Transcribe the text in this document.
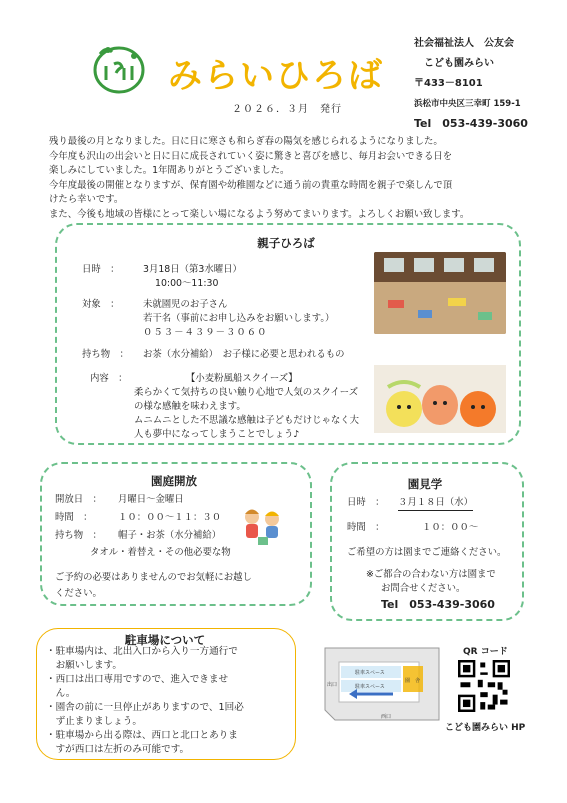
みらいひろば
２０２６．３月　発行
社会福祉法人　公友会
　こども園みらい
〒433－8101
浜松市中央区三幸町 159-1
Tel　053-439-3060

残り最後の月となりました。日に日に寒さも和らぎ春の陽気を感じられるようになりました。

今年度も沢山の出会いと日に日に成長されていく姿に驚きと喜びを感じ、毎月お会いできる日を

楽しみにしていました。1年間ありがとうございました。

今年度最後の開催となりますが、保育園や幼稚園などに通う前の貴重な時間を親子で楽しんで頂

けたら幸いです。

また、今後も地域の皆様にとって楽しい場になるよう努めてまいります。よろしくお願い致します。

親子ひろば
日時　： 3月18日（第3水曜日）
10:00～11:30
対象　： 未就園児のお子さん
若干名（事前にお申し込みをお願いします。）
０５３－４３９－３０６０
持ち物　： お茶（水分補給）　お子様に必要と思われるもの
内容　：	【小麦粉風船スクイーズ】
柔らかくて気持ちの良い触り心地で人気のスクイーズ
の様な感触を味わえます。
ムニムニとした不思議な感触は子どもだけじゃなく大
人も夢中になってしまうことでしょう♪
園庭開放
開放日　： 月曜日～金曜日
時間　：	１０：００～１１：３０
持ち物　： 帽子・お茶（水分補給）
タオル・着替え・その他必要な物
ご予約の必要はありませんのでお気軽にお越し
ください。
園見学
日時　： ３月１８日（水）
時間　：	１０：００～
ご希望の方は園までご連絡ください。
※ご都合の合わない方は園まで
お問合せください。
Tel　053-439-3060
駐車場について
・駐車場内は、北出入口から入り一方通行で
　お願いします。
・西口は出口専用ですので、進入できませ
　ん。
・園舎の前に一旦停止がありますので、1回必
　ず止まりましょう。
・駐車場から出る際は、西口と北口とありま
　すが西口は左折のみ可能です。
駐車スペース
駐車スペース
園　舎
出口
西口
QR コード
こども園みらい HP
